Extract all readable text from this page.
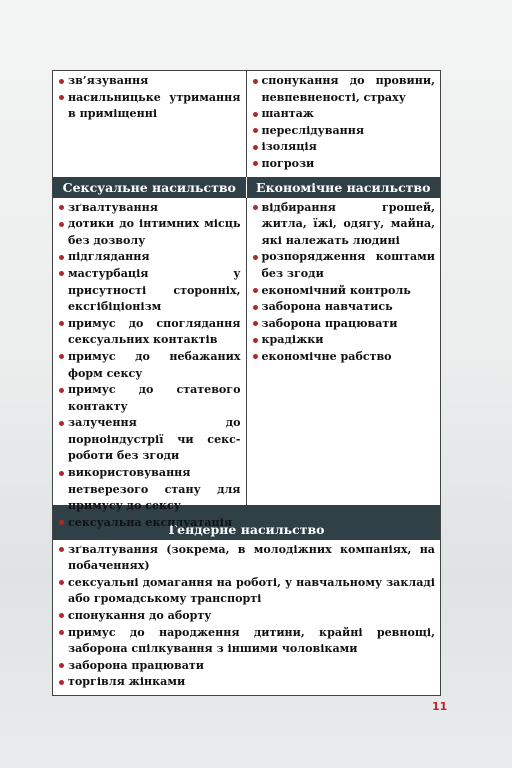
зв’язування
насильницьке утримання в приміщенні
спонукання до провини, невпевненості, страху
шантаж
переслідування
ізоляція
погрози
Сексуальне насильство	Економічне насильство
зґвалтування
дотики до інтимних місць без дозволу
підглядання
мастурбація у присутності сторонніх, ексгібіціонізм
примус до споглядання сексуальних контактів
примус до небажаних форм сексу
примус до статевого контакту
залучення до порноіндустрії чи секс-роботи без згоди
використовування нетверезого стану для примусу до сексу
сексуальна експлуатація
відбирання грошей, житла, їжі, одягу, майна, які належать людині
розпорядження коштами без згоди
економічний контроль
заборона навчатись
заборона працювати
крадіжки
економічне рабство
Гендерне насильство
зґвалтування (зокрема, в молодіжних компаніях, на побаченнях)
сексуальні домагання на роботі, у навчальному закладі або громадському транспорті
спонукання до аборту
примус до народження дитини, крайні ревнощі, заборона спілкування з іншими чоловіками
заборона працювати
торгівля жінками
11
